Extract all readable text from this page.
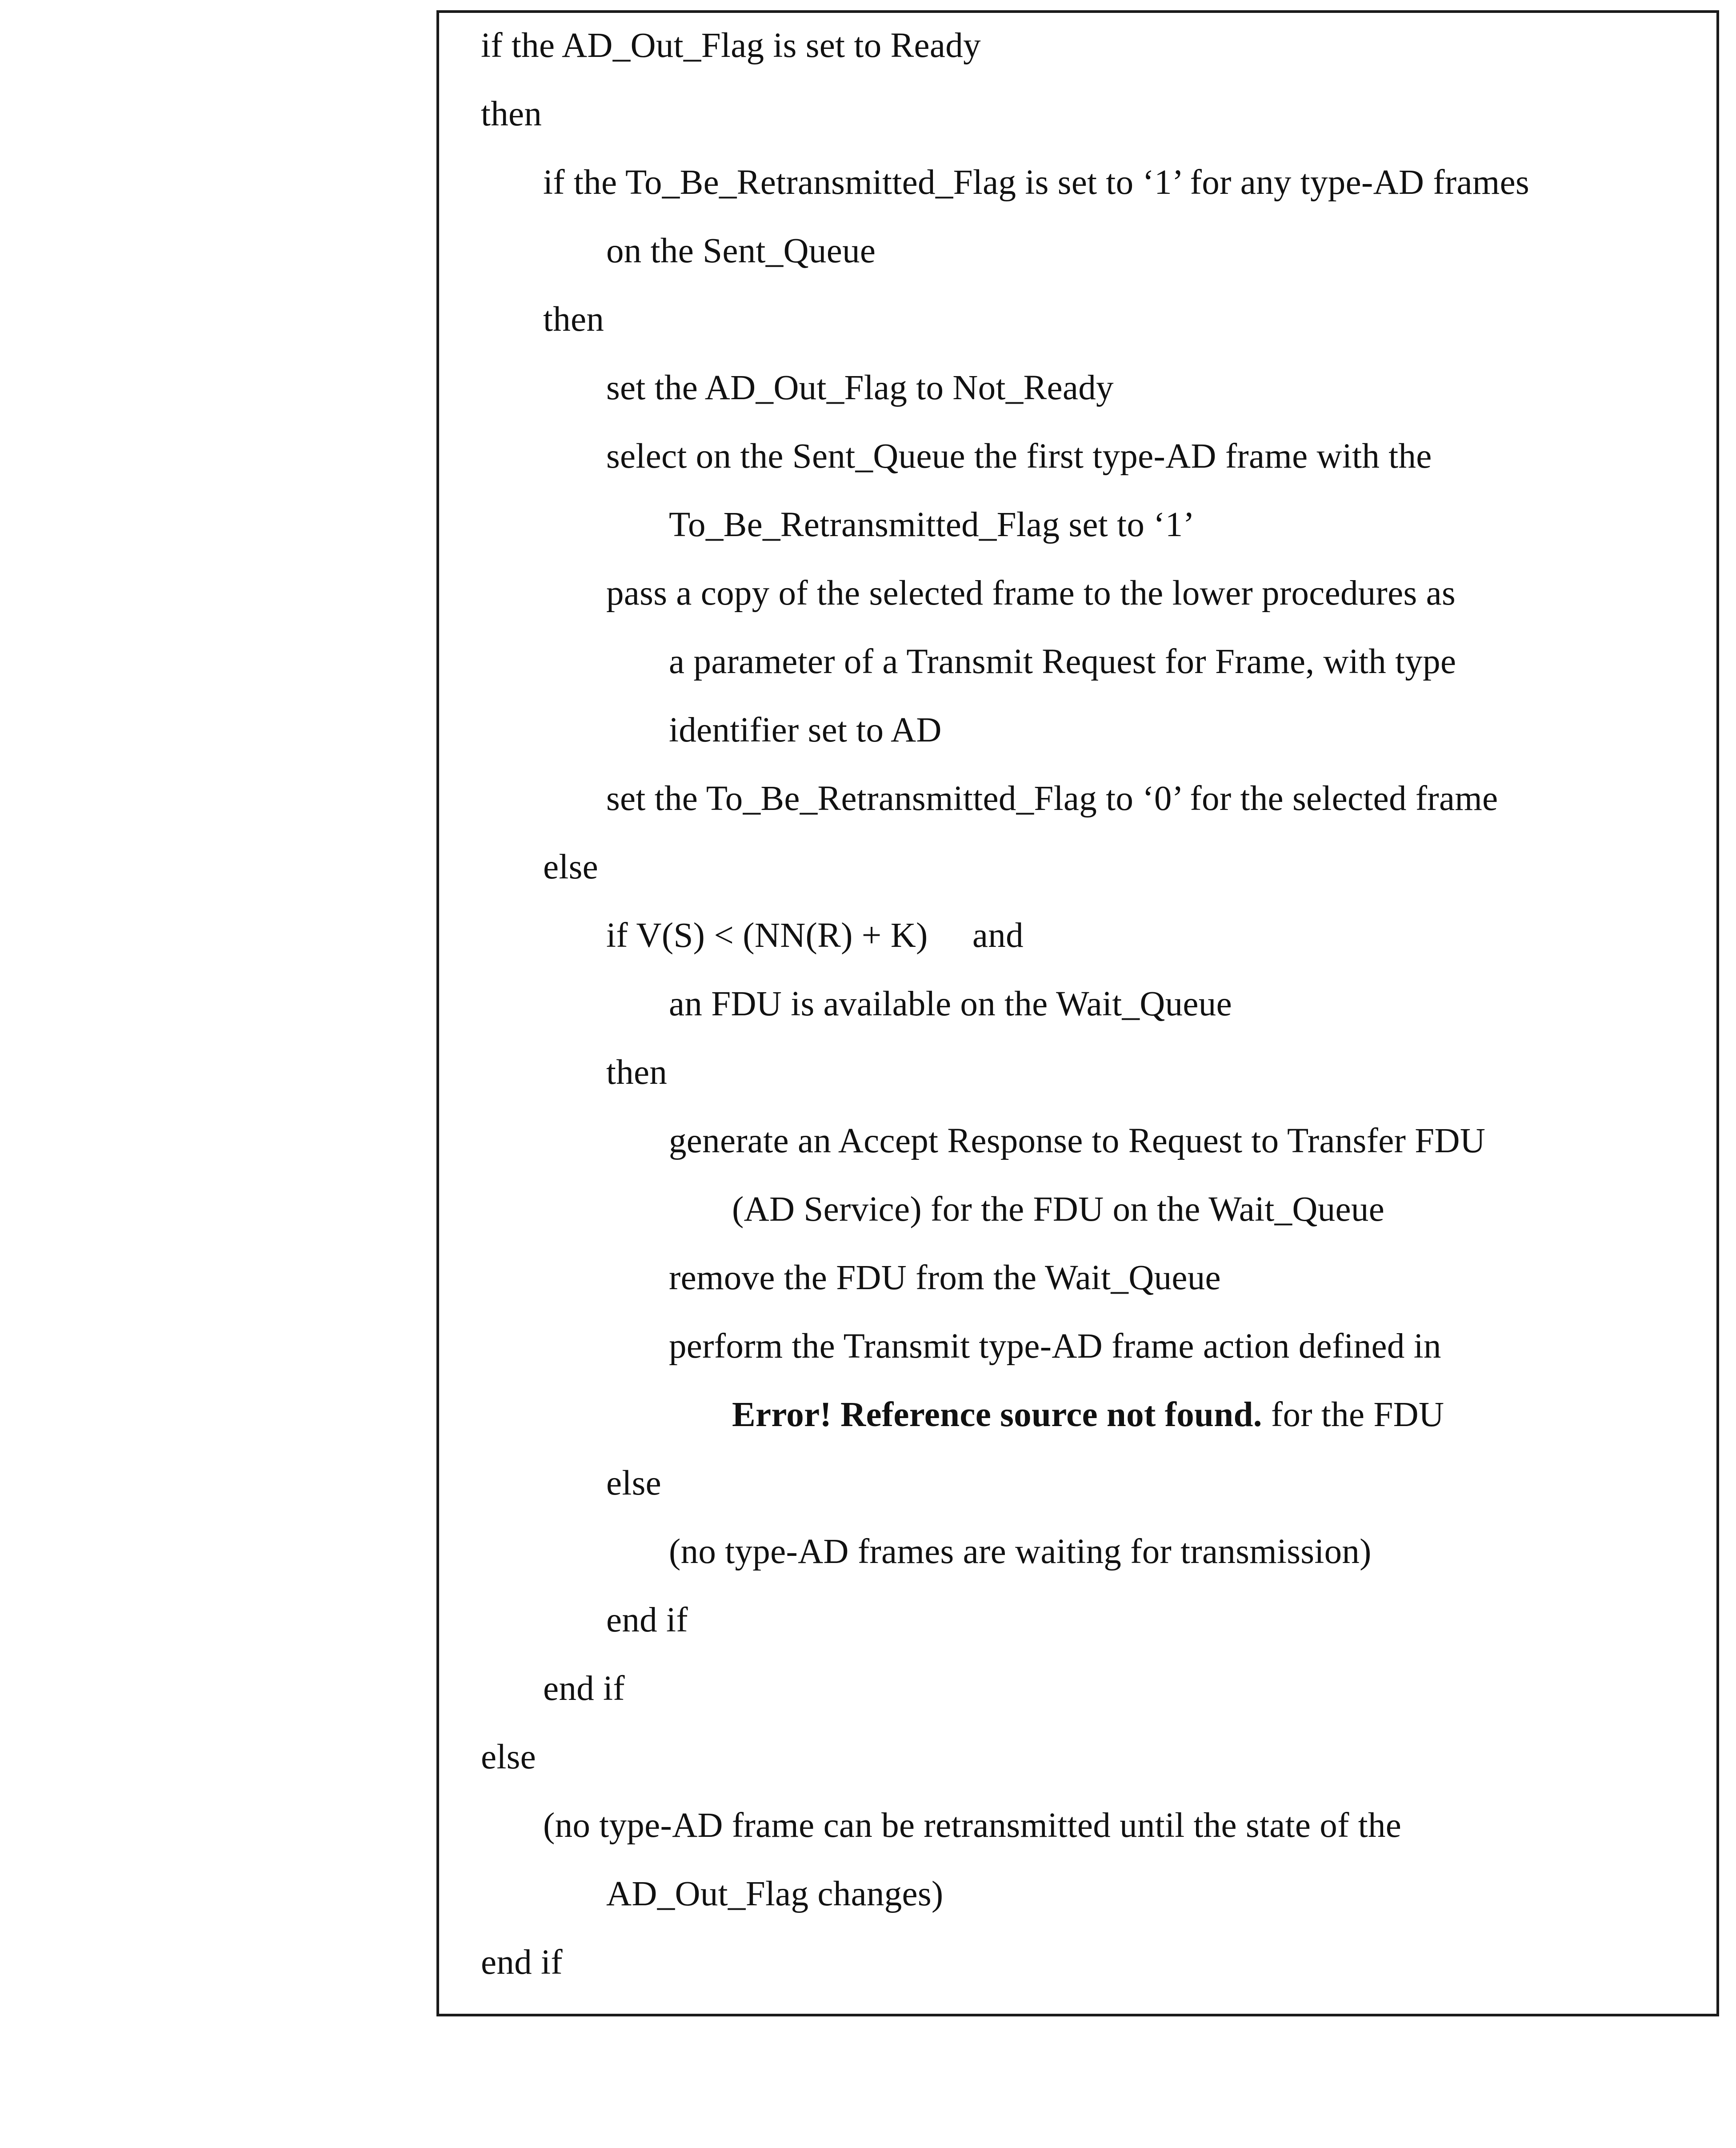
if the AD_Out_Flag is set to Ready
then
if the To_Be_Retransmitted_Flag is set to ‘1’ for any type-AD frames
on the Sent_Queue
then
set the AD_Out_Flag to Not_Ready
select on the Sent_Queue the first type-AD frame with the
To_Be_Retransmitted_Flag set to ‘1’
pass a copy of the selected frame to the lower procedures as
a parameter of a Transmit Request for Frame, with type
identifier set to AD
set the To_Be_Retransmitted_Flag to ‘0’ for the selected frame
else
if V(S) < (NN(R) + K)     and
an FDU is available on the Wait_Queue
then
generate an Accept Response to Request to Transfer FDU
(AD Service) for the FDU on the Wait_Queue
remove the FDU from the Wait_Queue
perform the Transmit type-AD frame action defined in
Error! Reference source not found. for the FDU
else
(no type-AD frames are waiting for transmission)
end if
end if
else
(no type-AD frame can be retransmitted until the state of the
AD_Out_Flag changes)
end if
